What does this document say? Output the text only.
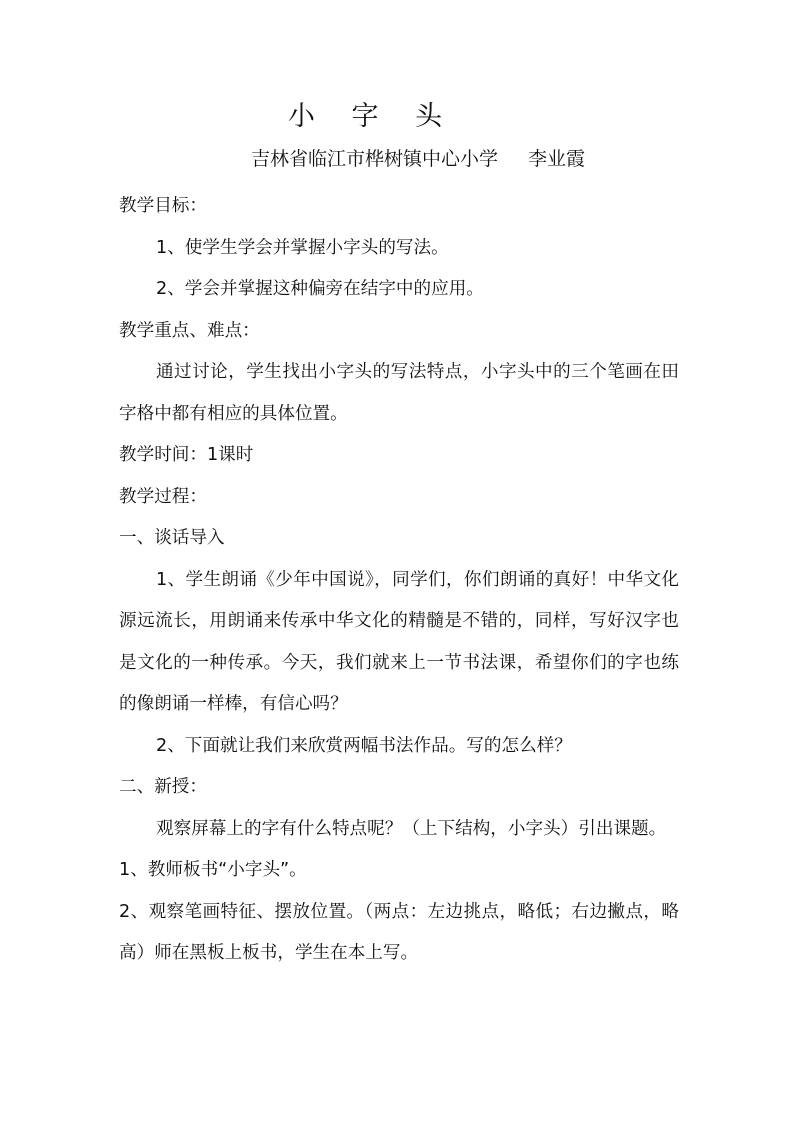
小 字 头
吉林省临江市桦树镇中心小学 李业霞

教学目标：

1、使学生学会并掌握小字头的写法。

2、学会并掌握这种偏旁在结字中的应用。

教学重点、难点：

通过讨论，学生找出小字头的写法特点，小字头中的三个笔画在田字格中都有相应的具体位置。

教学时间：1课时

教学过程：

一、谈话导入

1、学生朗诵《少年中国说》，同学们，你们朗诵的真好！中华文化源远流长，用朗诵来传承中华文化的精髓是不错的，同样，写好汉字也是文化的一种传承。今天，我们就来上一节书法课，希望你们的字也练的像朗诵一样棒，有信心吗？

2、下面就让我们来欣赏两幅书法作品。写的怎么样？

二、新授：

观察屏幕上的字有什么特点呢？（上下结构，小字头）引出课题。

1、教师板书“小字头”。

2、观察笔画特征、摆放位置。（两点：左边挑点，略低；右边撇点，略高）师在黑板上板书，学生在本上写。
